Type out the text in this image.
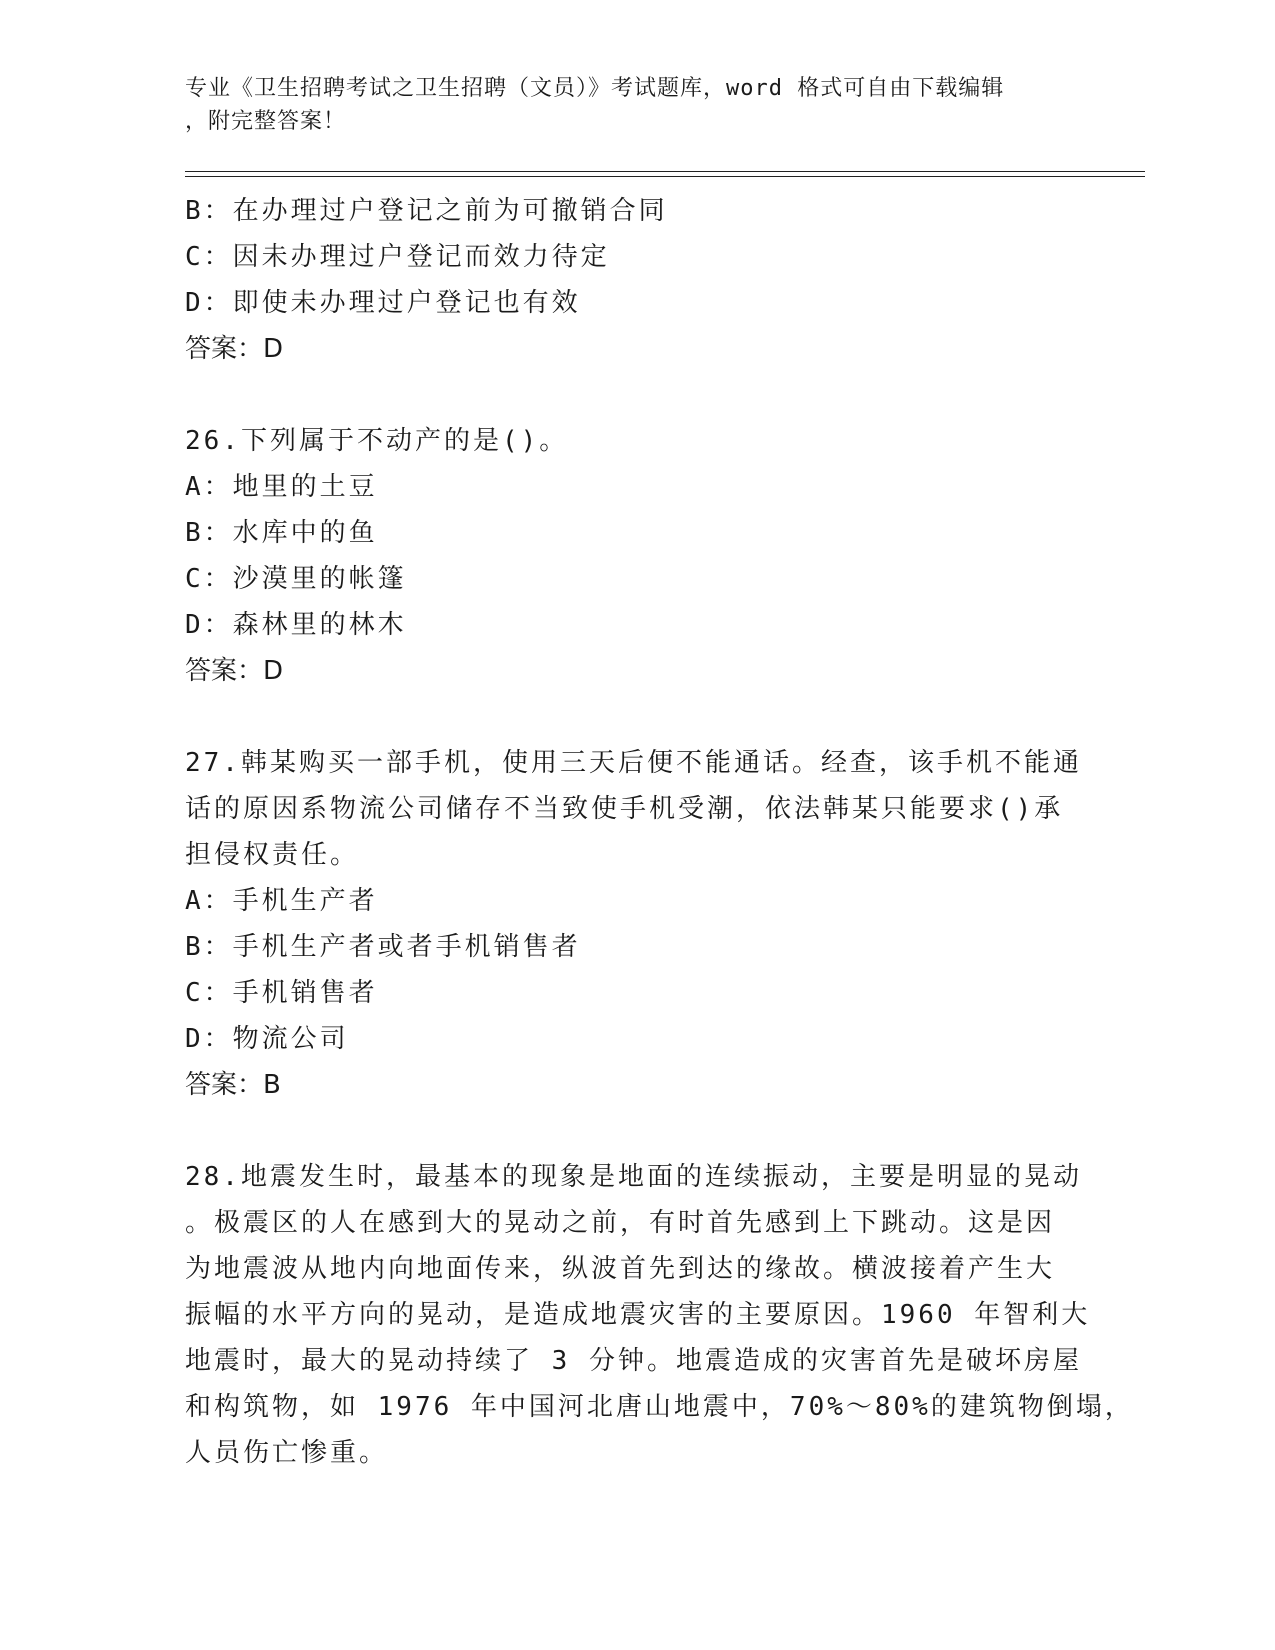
专业《卫生招聘考试之卫生招聘（文员）》考试题库，word 格式可自由下载编辑
，附完整答案！

B：在办理过户登记之前为可撤销合同

C：因未办理过户登记而效力待定

D：即使未办理过户登记也有效

答案：D

26.下列属于不动产的是()。

A：地里的土豆

B：水库中的鱼

C：沙漠里的帐篷

D：森林里的林木

答案：D

27.韩某购买一部手机，使用三天后便不能通话。经查，该手机不能通

话的原因系物流公司储存不当致使手机受潮，依法韩某只能要求()承

担侵权责任。

A：手机生产者

B：手机生产者或者手机销售者

C：手机销售者

D：物流公司

答案：B

28.地震发生时，最基本的现象是地面的连续振动，主要是明显的晃动

。极震区的人在感到大的晃动之前，有时首先感到上下跳动。这是因

为地震波从地内向地面传来，纵波首先到达的缘故。横波接着产生大

振幅的水平方向的晃动，是造成地震灾害的主要原因。1960 年智利大

地震时，最大的晃动持续了 3 分钟。地震造成的灾害首先是破坏房屋

和构筑物，如 1976 年中国河北唐山地震中，70%～80%的建筑物倒塌，

人员伤亡惨重。
